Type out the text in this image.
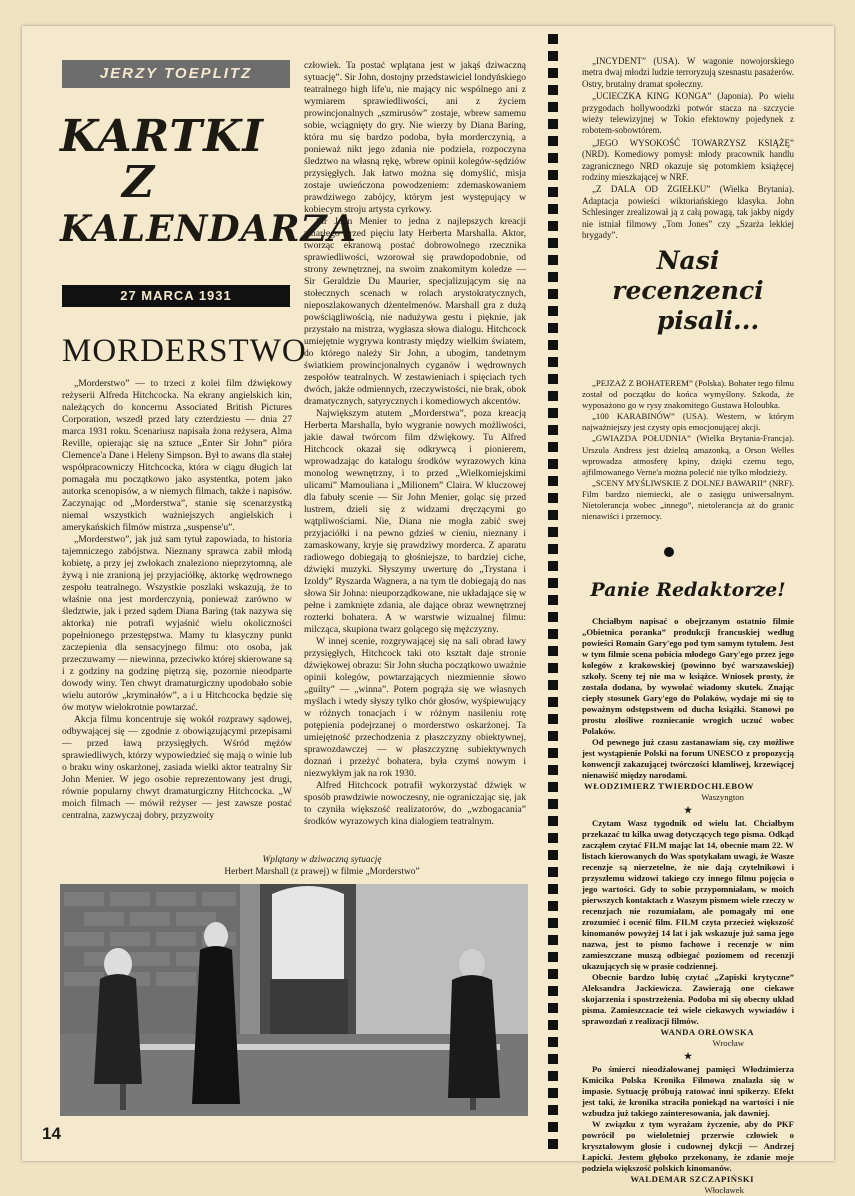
JERZY TOEPLITZ
KARTKI
Z
KALENDARZA
27 MARCA 1931
MORDERSTWO

„Morderstwo” — to trzeci z kolei film dźwiękowy reżyserii Alfreda Hitchcocka. Na ekrany angielskich kin, należących do koncernu Associated British Pictures Corporation, wszedł przed laty czterdziestu — dnia 27 marca 1931 roku. Scenariusz napisała żona reżysera, Alma Reville, opierając się na sztuce „Enter Sir John” pióra Clemence'a Dane i Heleny Simpson. Był to awans dla stałej współpracowniczy Hitchcocka, która w ciągu długich lat pomagała mu początkowo jako asystentka, potem jako autorka scenopisów, a w niemych filmach, także i napisów. Zaczynając od „Morderstwa”, stanie się scenarzystką niemal wszystkich ważniejszych angielskich i amerykańskich filmów mistrza „suspense'u”.

„Morderstwo”, jak już sam tytuł zapowiada, to historia tajemniczego zabójstwa. Nieznany sprawca zabił młodą kobietę, a przy jej zwłokach znaleziono nieprzytomną, ale żywą i nie zranioną jej przyjaciółkę, aktorkę wędrownego zespołu teatralnego. Wszystkie poszlaki wskazują, że to właśnie ona jest morderczynią, ponieważ zarówno w śledztwie, jak i przed sądem Diana Baring (tak nazywa się aktorka) nie potrafi wyjaśnić wielu okoliczności popełnionego przestępstwa. Mamy tu klasyczny punkt zaczepienia dla sensacyjnego filmu: oto osoba, jak przeczuwamy — niewinna, przeciwko której skierowane są i z godziny na godzinę piętrzą się, pozornie nieodparte dowody winy. Ten chwyt dramaturgiczny upodobało sobie wielu autorów „kryminałów”, a i u Hitchcocka będzie się ów motyw wielokrotnie powtarzać.

Akcja filmu koncentruje się wokół rozprawy sądowej, odbywającej się — zgodnie z obowiązującymi przepisami — przed ławą przysięgłych. Wśród mężów sprawiedliwych, którzy wypowiedzieć się mają o winie lub o braku winy oskarżonej, zasiada wielki aktor teatralny Sir John Menier. W jego osobie reprezentowany jest drugi, równie popularny chwyt dramaturgiczny Hitchcocka. „W moich filmach — mówił reżyser — jest zawsze postać centralna, zazwyczaj dobry, przyzwoity

człowiek. Ta postać wplątana jest w jakąś dziwaczną sytuację”. Sir John, dostojny przedstawiciel londyńskiego teatralnego high life'u, nie mający nic wspólnego ani z wymiarem sprawiedliwości, ani z życiem prowincjonalnych „szmirusów” zostaje, wbrew samemu sobie, wciągnięty do gry. Nie wierzy by Diana Baring, która mu się bardzo podoba, była morderczynią, a ponieważ nikt jego zdania nie podziela, rozpoczyna śledztwo na własną rękę, wbrew opinii kolegów-sędziów przysięgłych. Jak łatwo można się domyślić, misja zostaje uwieńczona powodzeniem: zdemaskowaniem prawdziwego zabójcy, którym jest występujący w kobiecym stroju artysta cyrkowy.

Sir John Menier to jedna z najlepszych kreacji zmarłego przed pięciu laty Herberta Marshalla. Aktor, tworząc ekranową postać dobrowolnego rzecznika sprawiedliwości, wzorował się prawdopodobnie, od strony zewnętrznej, na swoim znakomitym koledze — Sir Geraldzie Du Maurier, specjalizującym się na stołecznych scenach w rolach arystokratycznych, nieposzlakowanych dżentelmenów. Marshall gra z dużą powściągliwością, nie nadużywa gestu i pięknie, jak przystało na mistrza, wygłasza słowa dialogu. Hitchcock umiejętnie wygrywa kontrasty między wielkim światem, do którego należy Sir John, a ubogim, tandetnym światkiem prowincjonalnych cyganów i wędrownych zespołów teatralnych. W zestawieniach i spięciach tych dwóch, jakże odmiennych, rzeczywistości, nie brak, obok dramatycznych, satyrycznych i komediowych akcentów.

Największym atutem „Morderstwa”, poza kreacją Herberta Marshalla, było wygranie nowych możliwości, jakie dawał twórcom film dźwiękowy. Tu Alfred Hitchcock okazał się odkrywcą i pionierem, wprowadzając do katalogu środków wyrazowych kina monolog wewnętrzny, i to przed „Wielkomiejskimi ulicami” Mamouliana i „Milionem” Claira. W kluczowej dla fabuły scenie — Sir John Menier, goląc się przed lustrem, dzieli się z widzami dręczącymi go wątpliwościami. Nie, Diana nie mogła zabić swej przyjaciółki i na pewno gdzieś w cieniu, nieznany i zamaskowany, kryje się prawdziwy morderca. Z aparatu radiowego dobiegają to głośniejsze, to bardziej ciche, dźwięki muzyki. Słyszymy uwerturę do „Trystana i Izoldy” Ryszarda Wagnera, a na tym tle dobiegają do nas słowa Sir Johna: nieuporządkowane, nie układające się w pełne i zamknięte zdania, ale dające obraz wewnętrznej rozterki bohatera. A w warstwie wizualnej filmu: milcząca, skupiona twarz golącego się mężczyzny.

W innej scenie, rozgrywającej się na sali obrad ławy przysięgłych, Hitchcock taki oto kształt daje stronie dźwiękowej obrazu: Sir John słucha początkowo uważnie opinii kolegów, powtarzających niezmiennie słowo „guilty” — „winna”. Potem pogrąża się we własnych myślach i wtedy słyszy tylko chór głosów, wyśpiewujący w różnych tonacjach i w różnym nasileniu rotę potępienia podejrzanej o morderstwo oskarżonej. Ta umiejętność przechodzenia z płaszczyzny obiektywnej, sprawozdawczej — w płaszczyznę subiektywnych doznań i przeżyć bohatera, była czymś nowym i niezwykłym jak na rok 1930.

Alfred Hitchcock potrafił wykorzystać dźwięk w sposób prawdziwie nowoczesny, nie ograniczając się, jak to czyniła większość realizatorów, do „wzbogacania” środków wyrazowych kina dialogiem teatralnym.

Wplątany w dziwaczną sytuację
Herbert Marshall (z prawej) w filmie „Morderstwo”
14

„INCYDENT” (USA). W wagonie nowojorskiego metra dwaj młodzi ludzie terroryzują szesnastu pasażerów. Ostry, brutalny dramat społeczny.

„UCIECZKA KING KONGA” (Japonia). Po wielu przygodach hollywoodzki potwór staczа na szczycie wieży telewizyjnej w Tokio efektowny pojedynek z robotem-sobowtórem.

„JEGO WYSOKOŚĆ TOWARZYSZ KSIĄŻĘ” (NRD). Komediowy pomysł: młody pracownik handlu zagranicznego NRD okazuje się potomkiem książęcej rodziny mieszkającej w NRF.

„Z DALA OD ZGIEŁKU” (Wielka Brytania). Adaptacja powieści wiktoriańskiego klasyka. John Schlesinger zrealizował ją z całą powagą, tak jakby nigdy nie istniał filmowy „Tom Jones” czy „Szarża lekkiej brygady”.

Nasi
recenzenci
pisali...

„PEJZAŻ Z BOHATEREM” (Polska). Bohater tego filmu został od początku do końca wymyślony. Szkoda, że wyposażono go w rysy znakomitego Gustawa Holoubka.

„100 KARABINÓW” (USA). Western, w którym najważniejszy jest czysty opis emocjonującej akcji.

„GWIAZDA POŁUDNIA” (Wielka Brytania-Francja). Urszula Andress jest dzielną amazonką, a Orson Welles wprowadza atmosferę kpiny, dzięki czemu tego, ajfilmowanego Verne'a można polecić nie tylko młodzieży.

„SCENY MYŚLIWSKIE Z DOLNEJ BAWARII” (NRF). Film bardzo niemiecki, ale o zasięgu uniwersalnym. Nietolerancja wobec „innego”, nietolerancja aż do granic nienawiści i przemocy.

Panie Redaktorze!

Chciałbym napisać o obejrzanym ostatnio filmie „Obietnica poranka” produkcji francuskiej według powieści Romain Gary'ego pod tym samym tytułem. Jest w tym filmie scena pobicia młodego Gary'ego przez jego kolegów z krakowskiej (powinno być warszawskiej) szkoły. Sceny tej nie ma w książce. Wniosek prosty, że została dodana, by wywołać wiadomy skutek. Znając ciepły stosunek Gary'ego do Polaków, wydaje mi się to poważnym odstępstwem od ducha książki. Stanowi po prostu złośliwe rozniecanie wrogich uczuć wobec Polaków.

Od pewnego już czasu zastanawiam się, czy możliwe jest wystąpienie Polski na forum UNESCO z propozycją konwencji zakazującej twórczości kłamliwej, krzewiącej nienawiść między narodami.

WŁODZIMIERZ TWIERDOCHLEBOW
Waszyngton
★

Czytam Wasz tygodnik od wielu lat. Chciałbym przekazać tu kilka uwag dotyczących tego pisma. Odkąd zacząłem czytać FILM mając lat 14, obecnie mam 22. W listach kierowanych do Was spotykałam uwagi, że Wasze recenzje są nierzetelne, że nie dają czytelnikowi i przyszłemu widzowi takiego czy innego filmu pojęcia o jego wartości. Gdy to sobie przypomniałam, w moich pierwszych kontaktach z Waszym pismem wiele rzeczy w recenzjach nie rozumiałam, ale pomagały mi one zrozumieć i ocenić film. FILM czyta przecież większość kinomanów powyżej 14 lat i jak wskazuje już sama jego nazwa, jest to pismo fachowe i recenzje w nim zamieszczane muszą odbiegać poziomem od recenzji ukazujących się w prasie codziennej.

Obecnie bardzo lubię czytać „Zapiski krytyczne” Aleksandra Jackiewicza. Zawierają one ciekawe skojarzenia i spostrzeżenia. Podoba mi się obecny układ pisma. Zamieszczacie też wiele ciekawych wywiadów i sprawozdań z realizacji filmów.

WANDA ORŁOWSKA
Wrocław
★

Po śmierci nieodżałowanej pamięci Włodzimierza Kmicika Polska Kronika Filmowa znalazła się w impasie. Sytuację próbują ratować inni spikerzy. Efekt jest taki, że kronika straciła poniekąd na wartości i nie wzbudza już takiego zainteresowania, jak dawniej.

W związku z tym wyrażam życzenie, aby do PKF powrócił po wieloletniej przerwie człowiek o kryształowym głosie i cudownej dykcji — Andrzej Łapicki. Jestem głęboko przekonany, że zdanie moje podziela większość polskich kinomanów.

WALDEMAR SZCZAPIŃSKI
Włocławek
